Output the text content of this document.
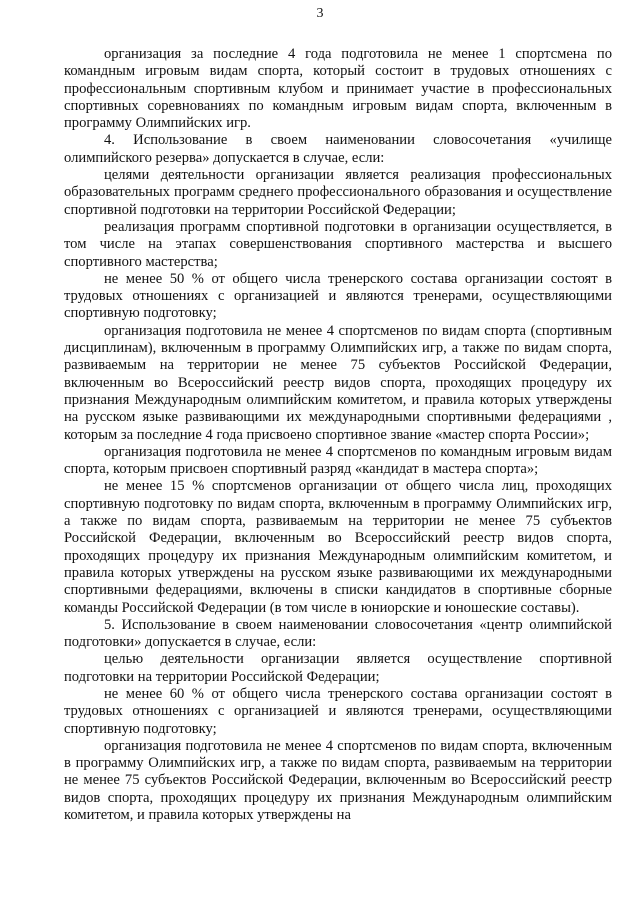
3

организация за последние 4 года подготовила не менее 1 спортсмена по командным игровым видам спорта, который состоит в трудовых отношениях с профессиональным спортивным клубом и принимает участие в профессиональных спортивных соревнованиях по командным игровым видам спорта, включенным в программу Олимпийских игр.

4. Использование в своем наименовании словосочетания «училище олимпийского резерва» допускается в случае, если:

целями деятельности организации является реализация профессиональных образовательных программ среднего профессионального образования и осуществление спортивной подготовки на территории Российской Федерации;

реализация программ спортивной подготовки в организации осуществляется, в том числе на этапах совершенствования спортивного мастерства и высшего спортивного мастерства;

не менее 50 % от общего числа тренерского состава организации состоят в трудовых отношениях с организацией и являются тренерами, осуществляющими спортивную подготовку;

организация подготовила не менее 4 спортсменов по видам спорта (спортивным дисциплинам), включенным в программу Олимпийских игр, а также по видам спорта, развиваемым на территории не менее 75 субъектов Российской Федерации, включенным во Всероссийский реестр видов спорта, проходящих процедуру их признания Международным олимпийским комитетом, и правила которых утверждены на русском языке развивающими их международными спортивными федерациями , которым за последние 4 года присвоено спортивное звание «мастер спорта России»;

организация подготовила не менее 4 спортсменов по командным игровым видам спорта, которым присвоен спортивный разряд «кандидат в мастера спорта»;

не менее 15 % спортсменов организации от общего числа лиц, проходящих спортивную подготовку по видам спорта, включенным в программу Олимпийских игр, а также по видам спорта, развиваемым на территории не менее 75 субъектов Российской Федерации, включенным во Всероссийский реестр видов спорта, проходящих процедуру их признания Международным олимпийским комитетом, и правила которых утверждены на русском языке развивающими их международными спортивными федерациями, включены в списки кандидатов в спортивные сборные команды Российской Федерации (в том числе в юниорские и юношеские составы).

5. Использование в своем наименовании словосочетания «центр олимпийской подготовки» допускается в случае, если:

целью деятельности организации является осуществление спортивной подготовки на территории Российской Федерации;

не менее 60 % от общего числа тренерского состава организации состоят в трудовых отношениях с организацией и являются тренерами, осуществляющими спортивную подготовку;

организация подготовила не менее 4 спортсменов по видам спорта, включенным в программу Олимпийских игр, а также по видам спорта, развиваемым на территории не менее 75 субъектов Российской Федерации, включенным во Всероссийский реестр видов спорта, проходящих процедуру их признания Международным олимпийским комитетом, и правила которых утверждены на
